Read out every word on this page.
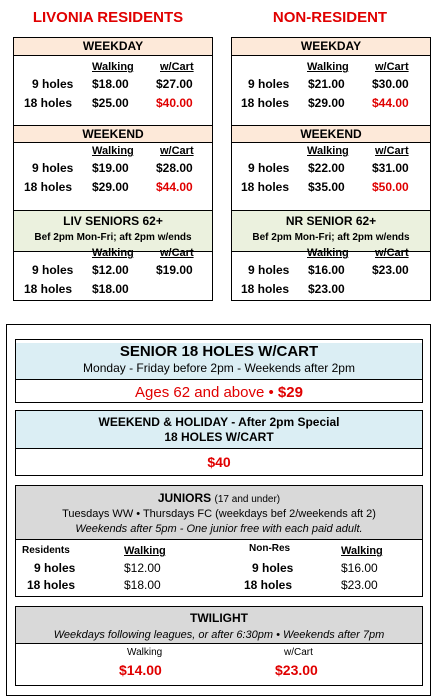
LIVONIA RESIDENTS	NON-RESIDENT
WEEKDAY
Walking w/Cart
9 holes $18.00 $27.00
18 holes $25.00 $40.00
WEEKEND
Walking w/Cart
9 holes $19.00 $28.00
18 holes $29.00 $44.00
LIV SENIORS 62+
Bef 2pm Mon-Fri; aft 2pm w/ends
Walking w/Cart
9 holes $12.00 $19.00
18 holes $18.00
WEEKDAY
Walking w/Cart
9 holes $21.00 $30.00
18 holes $29.00 $44.00
WEEKEND
Walking w/Cart
9 holes $22.00 $31.00
18 holes $35.00 $50.00
NR SENIOR 62+
Bef 2pm Mon-Fri; aft 2pm w/ends
Walking w/Cart
9 holes $16.00 $23.00
18 holes $23.00
SENIOR 18 HOLES W/CART
Monday - Friday before 2pm - Weekends after 2pm
Ages 62 and above • $29
WEEKEND & HOLIDAY - After 2pm Special
18 HOLES W/CART
$40
JUNIORS (17 and under)
Tuesdays WW • Thursdays FC (weekdays bef 2/weekends aft 2)
Weekends after 5pm - One junior free with each paid adult.
Residents	Walking
9 holes	$12.00
18 holes	$18.00
Non-Res	Walking
9 holes	$16.00
18 holes	$23.00
TWILIGHT
Weekdays following leagues, or after 6:30pm • Weekends after 7pm
Walking	w/Cart
$14.00	$23.00
